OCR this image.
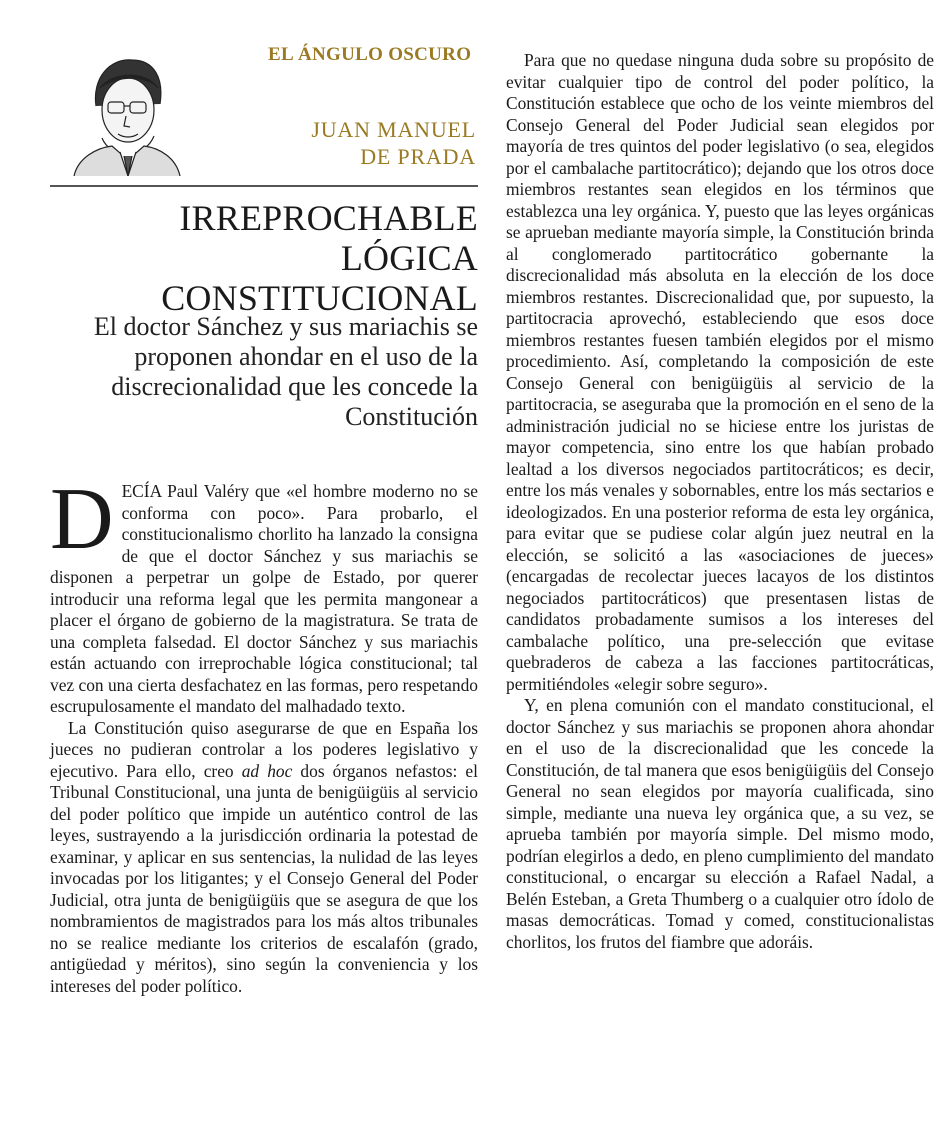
EL ÁNGULO OSCURO
JUAN MANUEL
DE PRADA
IRREPROCHABLE LÓGICA
CONSTITUCIONAL
El doctor Sánchez y sus mariachis se proponen ahondar en el uso de la discrecionalidad que les concede la Constitución

DECÍA Paul Valéry que «el hombre moderno no se conforma con poco». Para probarlo, el constitucionalismo chorlito ha lanzado la consigna de que el doctor Sánchez y sus mariachis se disponen a perpetrar un golpe de Estado, por querer introducir una reforma legal que les permita mangonear a placer el órgano de gobierno de la magistratura. Se trata de una completa falsedad. El doctor Sánchez y sus mariachis están actuando con irreprochable lógica constitucional; tal vez con una cierta desfachatez en las formas, pero respetando escrupulosamente el mandato del malhadado texto.

La Constitución quiso asegurarse de que en España los jueces no pudieran controlar a los poderes legislativo y ejecutivo. Para ello, creo ad hoc dos órganos nefastos: el Tribunal Constitucional, una junta de benigüigüis al servicio del poder político que impide un auténtico control de las leyes, sustrayendo a la jurisdicción ordinaria la potestad de examinar, y aplicar en sus sentencias, la nulidad de las leyes invocadas por los litigantes; y el Consejo General del Poder Judicial, otra junta de benigüigüis que se asegura de que los nombramientos de magistrados para los más altos tribunales no se realice mediante los criterios de escalafón (grado, antigüedad y méritos), sino según la conveniencia y los intereses del poder político.

Para que no quedase ninguna duda sobre su propósito de evitar cualquier tipo de control del poder político, la Constitución establece que ocho de los veinte miembros del Consejo General del Poder Judicial sean elegidos por mayoría de tres quintos del poder legislativo (o sea, elegidos por el cambalache partitocrático); dejando que los otros doce miembros restantes sean elegidos en los términos que establezca una ley orgánica. Y, puesto que las leyes orgánicas se aprueban mediante mayoría simple, la Constitución brinda al conglomerado partitocrático gobernante la discrecionalidad más absoluta en la elección de los doce miembros restantes. Discrecionalidad que, por supuesto, la partitocracia aprovechó, estableciendo que esos doce miembros restantes fuesen también elegidos por el mismo procedimiento. Así, completando la composición de este Consejo General con benigüigüis al servicio de la partitocracia, se aseguraba que la promoción en el seno de la administración judicial no se hiciese entre los juristas de mayor competencia, sino entre los que habían probado lealtad a los diversos negociados partitocráticos; es decir, entre los más venales y sobornables, entre los más sectarios e ideologizados. En una posterior reforma de esta ley orgánica, para evitar que se pudiese colar algún juez neutral en la elección, se solicitó a las «asociaciones de jueces» (encargadas de recolectar jueces lacayos de los distintos negociados partitocráticos) que presentasen listas de candidatos probadamente sumisos a los intereses del cambalache político, una pre-selección que evitase quebraderos de cabeza a las facciones partitocráticas, permitiéndoles «elegir sobre seguro».

Y, en plena comunión con el mandato constitucional, el doctor Sánchez y sus mariachis se proponen ahora ahondar en el uso de la discrecionalidad que les concede la Constitución, de tal manera que esos benigüigüis del Consejo General no sean elegidos por mayoría cualificada, sino simple, mediante una nueva ley orgánica que, a su vez, se aprueba también por mayoría simple. Del mismo modo, podrían elegirlos a dedo, en pleno cumplimiento del mandato constitucional, o encargar su elección a Rafael Nadal, a Belén Esteban, a Greta Thumberg o a cualquier otro ídolo de masas democráticas. Tomad y comed, constitucionalistas chorlitos, los frutos del fiambre que adoráis.
